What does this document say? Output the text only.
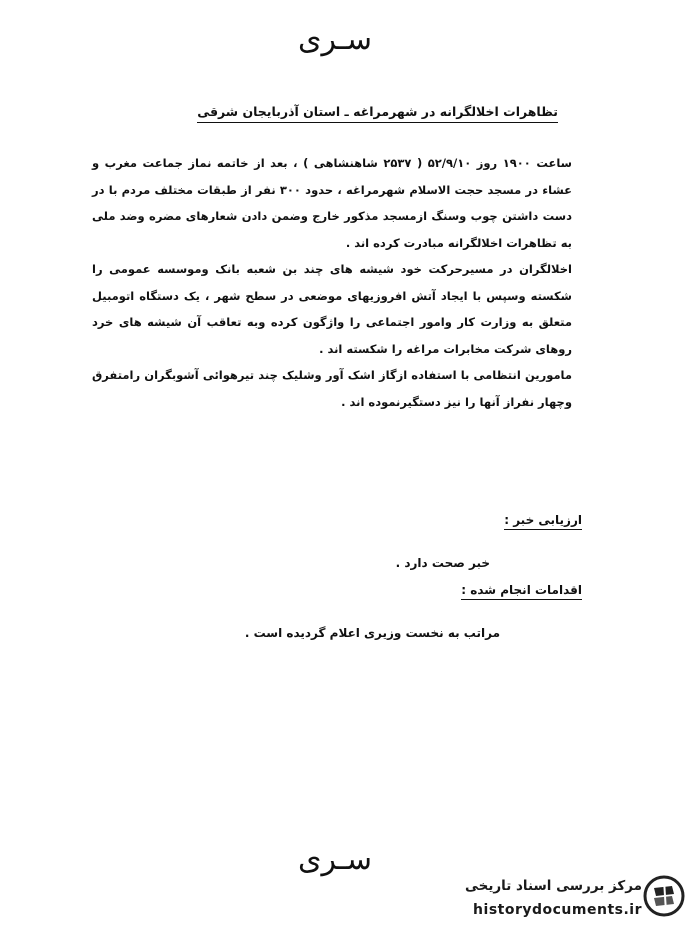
سـری
تظاهرات اخلالگرانه در شهرمراغه ـ استان آذربایجان شرقی

ساعت ۱۹۰۰ روز ۵۲/۹/۱۰ ( ۲۵۳۷ شاهنشاهی ) ، بعد از خاتمه نماز جماعت مغرب و عشاء در مسجد حجت الاسلام شهرمراغه ، حدود ۳۰۰ نفر از طبقات مختلف مردم با در دست داشتن چوب وسنگ ازمسجد مذکور خارج وضمن دادن شعارهای مضره وضد ملی به تظاهرات اخلالگرانه مبادرت کرده اند .

اخلالگران در مسیرحرکت خود شیشه های چند بن شعبه بانک وموسسه عمومی را شکسته وسپس با ایجاد آتش افروزیهای موضعی در سطح شهر ، یک دستگاه اتومبیل متعلق به وزارت کار وامور اجتماعی را واژگون کرده وبه تعاقب آن شیشه های خرد روهای شرکت مخابرات مراغه را شکسته اند .

مامورین انتظامی با استفاده ازگاز اشک آور وشلیک چند تیرهوائی آشوبگران رامتفرق وچهار نفراز آنها را نیز دستگیرنموده اند .

ارزیابی خبر :
خبر صحت دارد .
اقدامات انجام شده :
مراتب به نخست وزیری اعلام گردیده است .
سـری
مرکز بررسی اسناد تاریخی
historydocuments.ir
